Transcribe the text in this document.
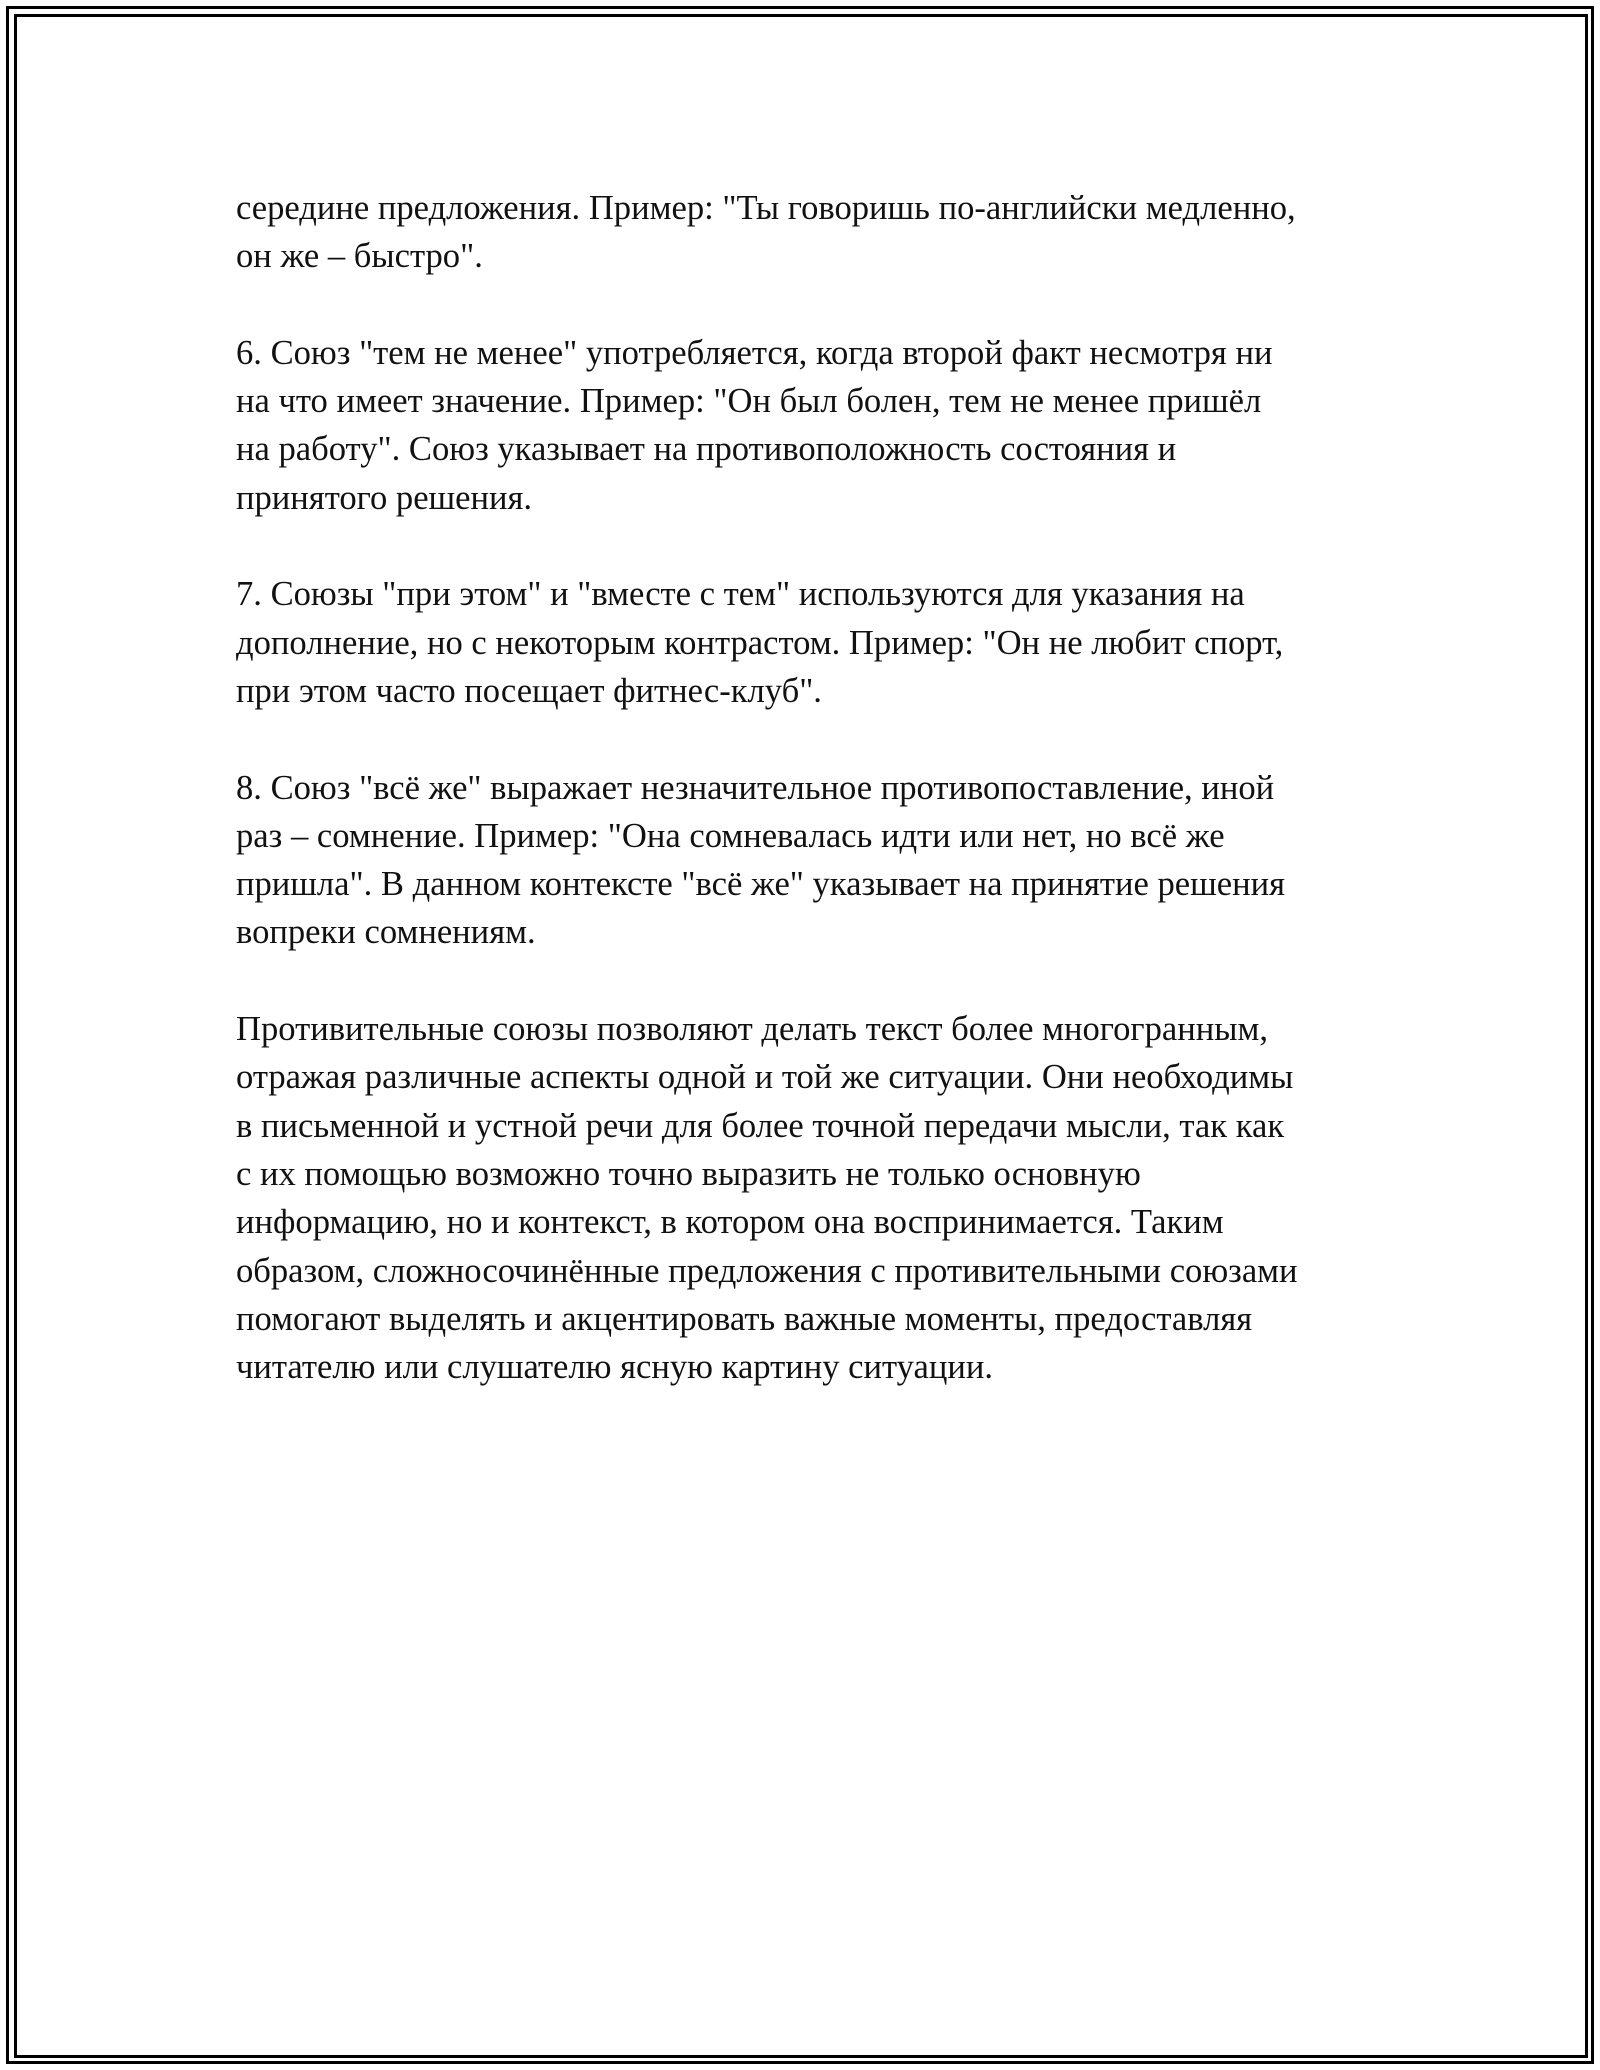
середине предложения. Пример: "Ты говоришь по-английски медленно,
он же – быстро".
6. Союз "тем не менее" употребляется, когда второй факт несмотря ни
на что имеет значение. Пример: "Он был болен, тем не менее пришёл
на работу". Союз указывает на противоположность состояния и
принятого решения.
7. Союзы "при этом" и "вместе с тем" используются для указания на
дополнение, но с некоторым контрастом. Пример: "Он не любит спорт,
при этом часто посещает фитнес-клуб".
8. Союз "всё же" выражает незначительное противопоставление, иной
раз – сомнение. Пример: "Она сомневалась идти или нет, но всё же
пришла". В данном контексте "всё же" указывает на принятие решения
вопреки сомнениям.
Противительные союзы позволяют делать текст более многогранным,
отражая различные аспекты одной и той же ситуации. Они необходимы
в письменной и устной речи для более точной передачи мысли, так как
с их помощью возможно точно выразить не только основную
информацию, но и контекст, в котором она воспринимается. Таким
образом, сложносочинённые предложения с противительными союзами
помогают выделять и акцентировать важные моменты, предоставляя
читателю или слушателю ясную картину ситуации.
